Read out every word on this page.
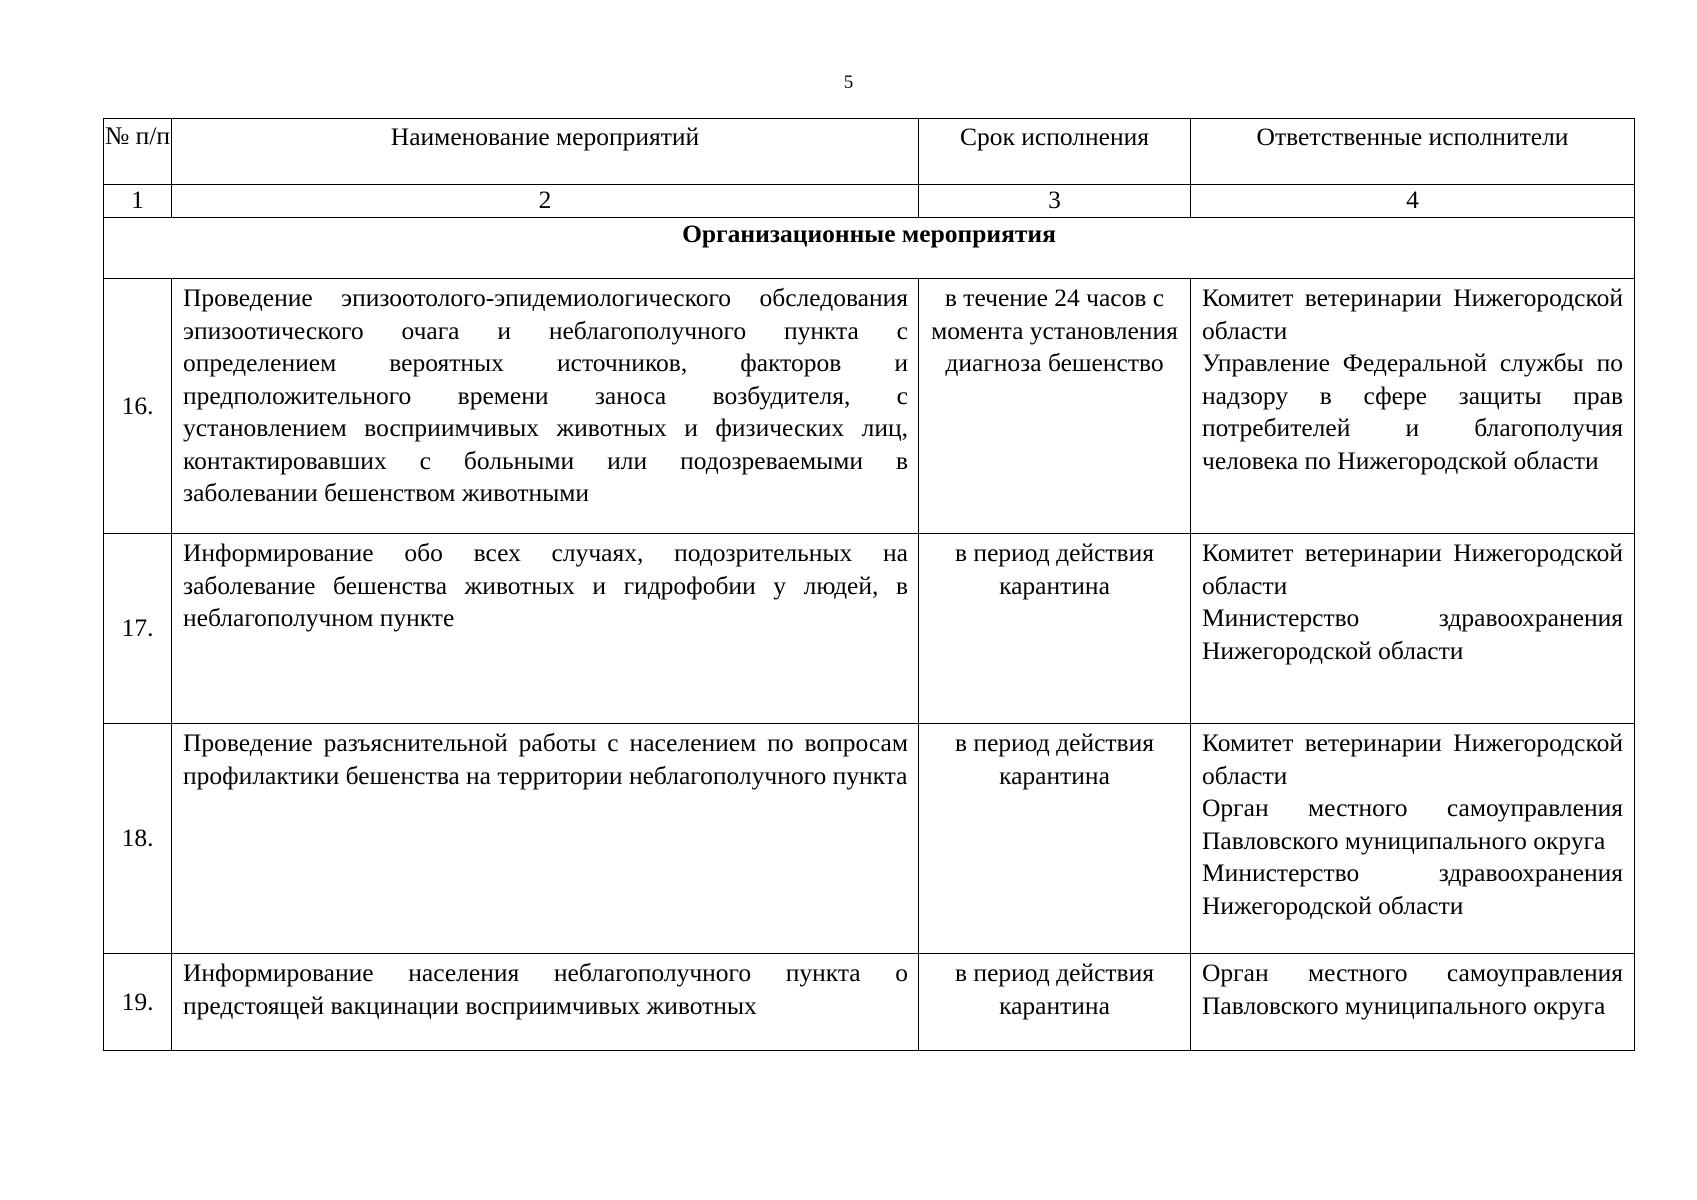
5
№ п/п	Наименование мероприятий	Срок исполнения	Ответственные исполнители
1	2	3	4
Организационные мероприятия			
16.	Проведение эпизоотолого-эпидемиологического обследования эпизоотического очага и неблагополучного пункта с определением вероятных источников, факторов и предположительного времени заноса возбудителя, с установлением восприимчивых животных и физических лиц, контактировавших с больными или подозреваемыми в заболевании бешенством животными	в течение 24 часов с момента установления диагноза бешенство	Комитет ветеринарии Нижегородской области
Управление Федеральной службы по надзору в сфере защиты прав потребителей и благополучия человека по Нижегородской области

17.	Информирование обо всех случаях, подозрительных на заболевание бешенства животных и гидрофобии у людей, в неблагополучном пункте	в период действия карантина	Комитет ветеринарии Нижегородской области
Министерство здравоохранения Нижегородской области

18.	Проведение разъяснительной работы с населением по вопросам профилактики бешенства на территории неблагополучного пункта	в период действия карантина	Комитет ветеринарии Нижегородской области
Орган местного самоуправления Павловского муниципального округа
Министерство здравоохранения Нижегородской области

19.	Информирование населения неблагополучного пункта о предстоящей вакцинации восприимчивых животных	в период действия карантина	Орган местного самоуправления Павловского муниципального округа
